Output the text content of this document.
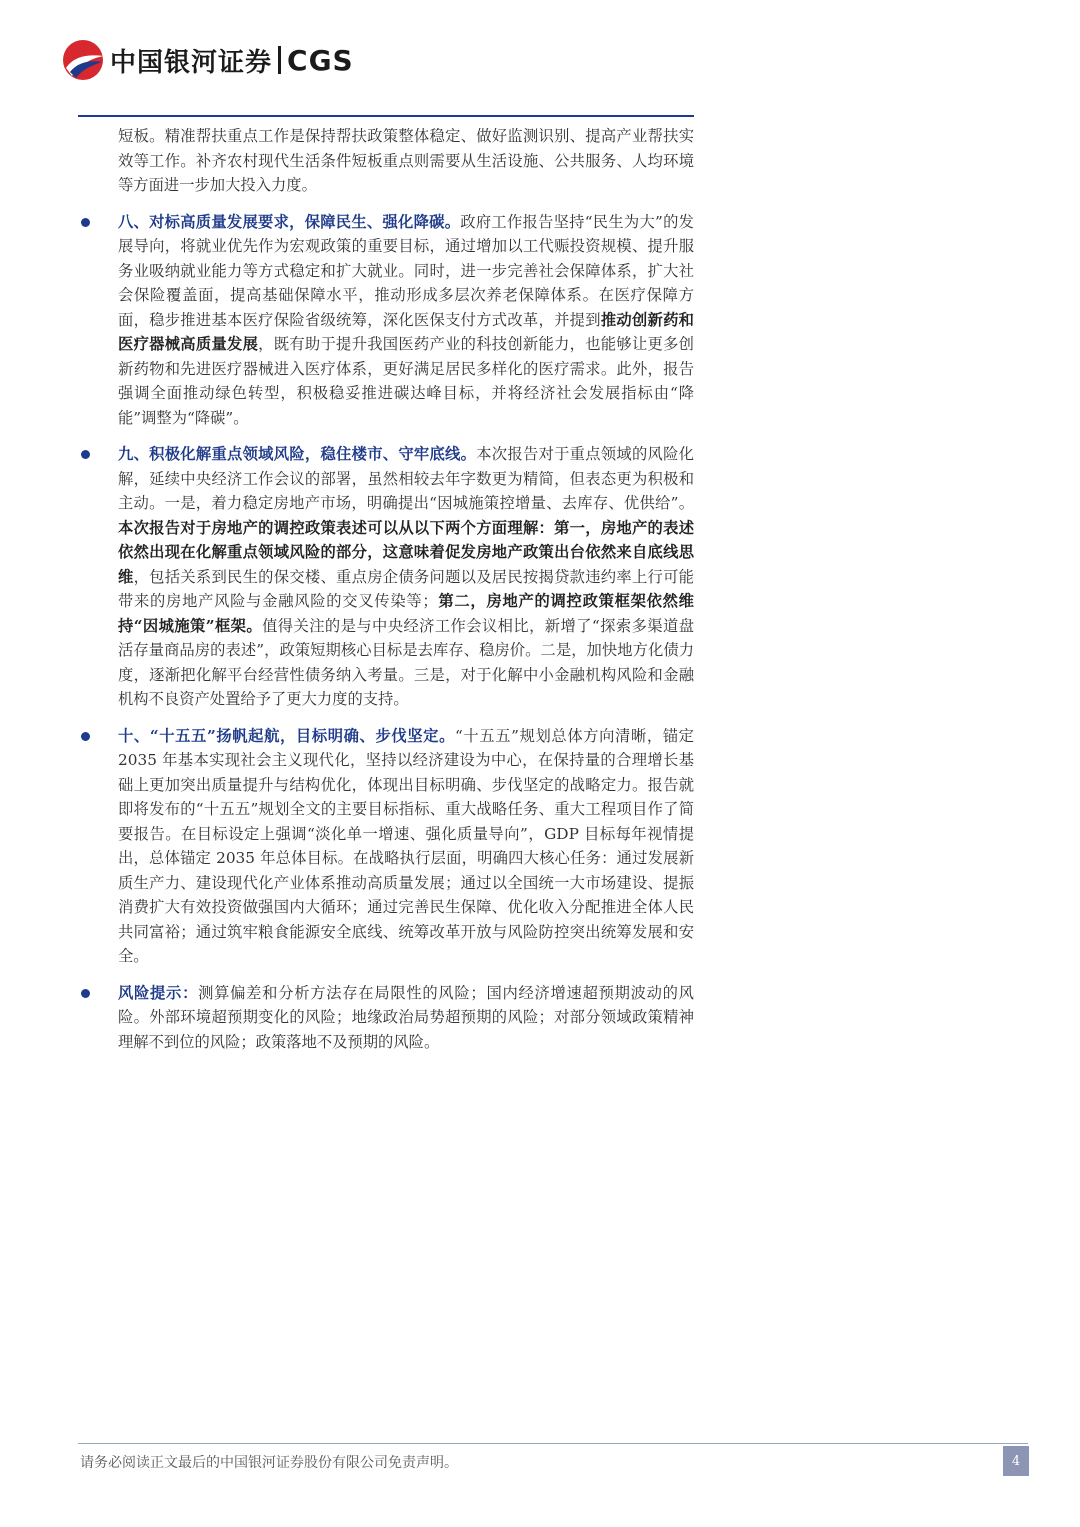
中国银河证券 CGS

短板。精准帮扶重点工作是保持帮扶政策整体稳定、做好监测识别、提高产业帮扶实效等工作。补齐农村现代生活条件短板重点则需要从生活设施、公共服务、人均环境等方面进一步加大投入力度。

八、对标高质量发展要求，保障民生、强化降碳。政府工作报告坚持“民生为大”的发展导向，将就业优先作为宏观政策的重要目标，通过增加以工代赈投资规模、提升服务业吸纳就业能力等方式稳定和扩大就业。同时，进一步完善社会保障体系，扩大社会保险覆盖面，提高基础保障水平，推动形成多层次养老保障体系。在医疗保障方面，稳步推进基本医疗保险省级统筹，深化医保支付方式改革，并提到推动创新药和医疗器械高质量发展，既有助于提升我国医药产业的科技创新能力，也能够让更多创新药物和先进医疗器械进入医疗体系，更好满足居民多样化的医疗需求。此外，报告强调全面推动绿色转型，积极稳妥推进碳达峰目标，并将经济社会发展指标由“降能”调整为“降碳”。

九、积极化解重点领域风险，稳住楼市、守牢底线。本次报告对于重点领域的风险化解，延续中央经济工作会议的部署，虽然相较去年字数更为精简，但表态更为积极和主动。一是，着力稳定房地产市场，明确提出“因城施策控增量、去库存、优供给”。本次报告对于房地产的调控政策表述可以从以下两个方面理解：第一，房地产的表述依然出现在化解重点领域风险的部分，这意味着促发房地产政策出台依然来自底线思维，包括关系到民生的保交楼、重点房企债务问题以及居民按揭贷款违约率上行可能带来的房地产风险与金融风险的交叉传染等；第二，房地产的调控政策框架依然维持“因城施策”框架。值得关注的是与中央经济工作会议相比，新增了“探索多渠道盘活存量商品房的表述”，政策短期核心目标是去库存、稳房价。二是，加快地方化债力度，逐渐把化解平台经营性债务纳入考量。三是，对于化解中小金融机构风险和金融机构不良资产处置给予了更大力度的支持。

十、“十五五”扬帆起航，目标明确、步伐坚定。“十五五”规划总体方向清晰，锚定 2035 年基本实现社会主义现代化，坚持以经济建设为中心，在保持量的合理增长基础上更加突出质量提升与结构优化，体现出目标明确、步伐坚定的战略定力。报告就即将发布的“十五五”规划全文的主要目标指标、重大战略任务、重大工程项目作了简要报告。在目标设定上强调“淡化单一增速、强化质量导向”，GDP 目标每年视情提出，总体锚定 2035 年总体目标。在战略执行层面，明确四大核心任务：通过发展新质生产力、建设现代化产业体系推动高质量发展；通过以全国统一大市场建设、提振消费扩大有效投资做强国内大循环；通过完善民生保障、优化收入分配推进全体人民共同富裕；通过筑牢粮食能源安全底线、统筹改革开放与风险防控突出统筹发展和安全。

风险提示：测算偏差和分析方法存在局限性的风险；国内经济增速超预期波动的风险。外部环境超预期变化的风险；地缘政治局势超预期的风险；对部分领域政策精神理解不到位的风险；政策落地不及预期的风险。

请务必阅读正文最后的中国银河证券股份有限公司免责声明。	4
